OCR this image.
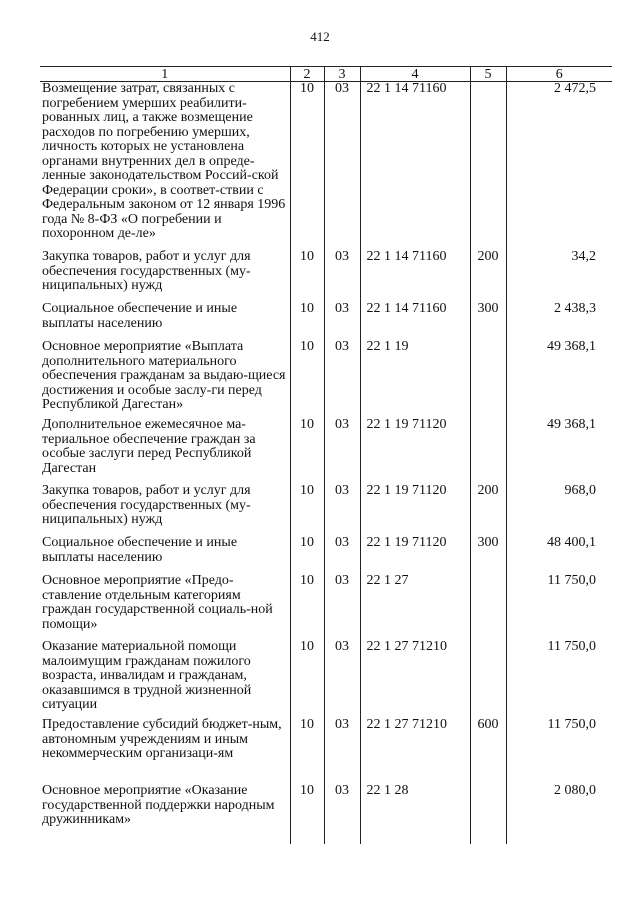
412
1	2	3	4	5	6
Возмещение затрат, связанных с погребением умерших реабилити-рованных лиц, а также возмещение расходов по погребению умерших, личность которых не установлена органами внутренних дел в опреде-ленные законодательством Россий-ской Федерации сроки», в соответ-ствии с Федеральным законом от 12 января 1996 года № 8-ФЗ «О погребении и похоронном де-ле»	10	03	22 1 14 71160		2 472,5
Закупка товаров, работ и услуг для обеспечения государственных (му-ниципальных) нужд	10	03	22 1 14 71160	200	34,2
Социальное обеспечение и иные выплаты населению	10	03	22 1 14 71160	300	2 438,3
Основное мероприятие «Выплата дополнительного материального обеспечения гражданам за выдаю-щиеся достижения и особые заслу-ги перед Республикой Дагестан»	10	03	22 1 19		49 368,1
Дополнительное ежемесячное ма-териальное обеспечение граждан за особые заслуги перед Республикой Дагестан	10	03	22 1 19 71120		49 368,1
Закупка товаров, работ и услуг для обеспечения государственных (му-ниципальных) нужд	10	03	22 1 19 71120	200	968,0
Социальное обеспечение и иные выплаты населению	10	03	22 1 19 71120	300	48 400,1
Основное мероприятие «Предо-ставление отдельным категориям граждан государственной социаль-ной помощи»	10	03	22 1 27		11 750,0
Оказание материальной помощи малоимущим гражданам пожилого возраста, инвалидам и гражданам, оказавшимся в трудной жизненной ситуации	10	03	22 1 27 71210		11 750,0
Предоставление субсидий бюджет-ным, автономным учреждениям и иным некоммерческим организаци-ям	10	03	22 1 27 71210	600	11 750,0
Основное мероприятие «Оказание государственной поддержки народным дружинникам»	10	03	22 1 28		2 080,0
